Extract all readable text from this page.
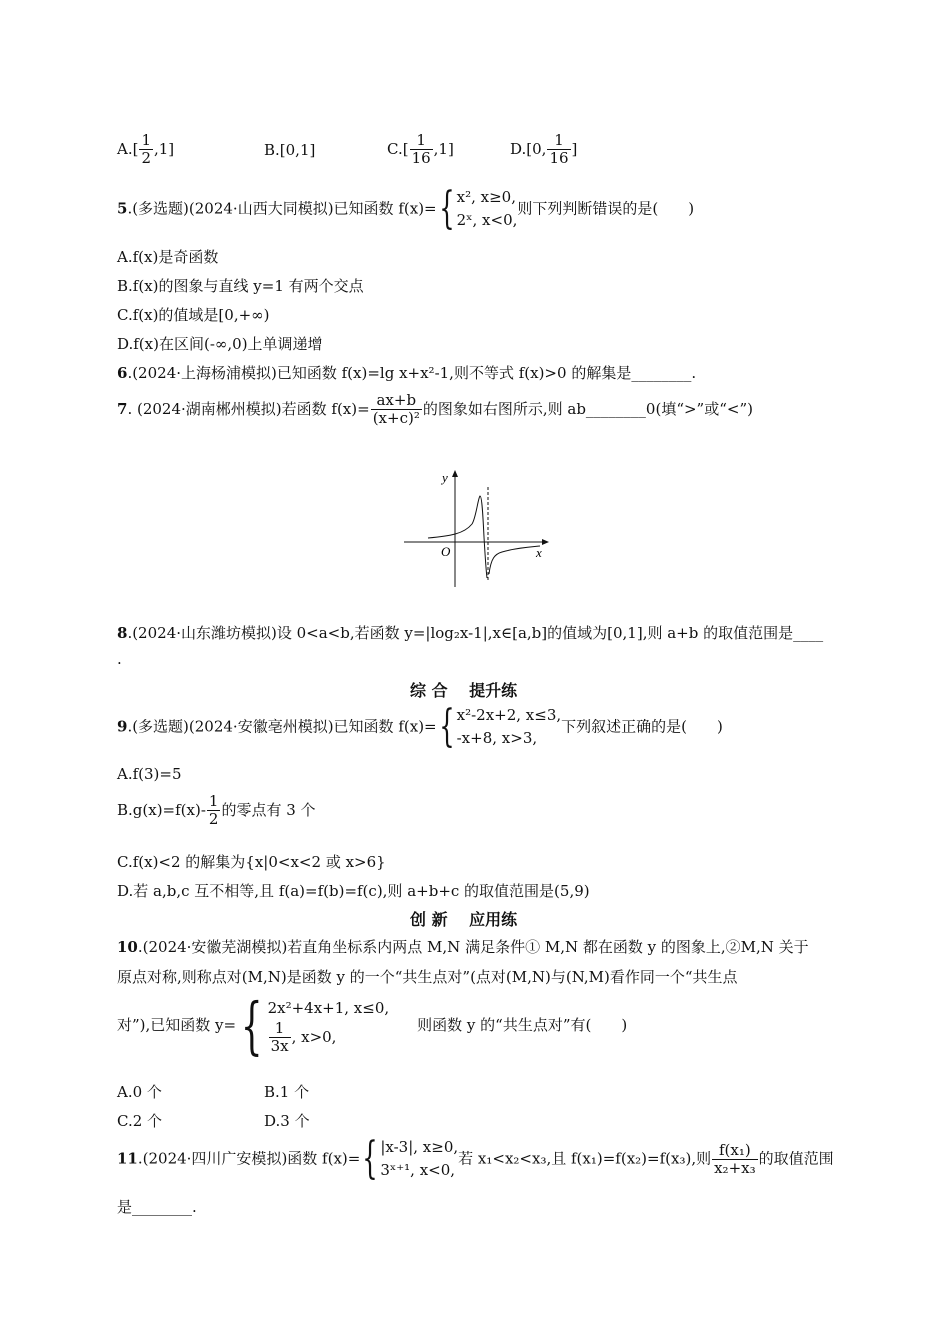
$A.[ \frac{1}{2} ,1]$	B.[0,1]	$C.[ \frac{1}{16} ,1]$	D.[0, $\frac{1}{16}$ ]
5.(多选题)(2024·山西大同模拟)已知函数 f(x)={ x², x≥0,
2ˣ, x<0,
则下列判断错误的是(　　)
A.f(x)是奇函数
B.f(x)的图象与直线 y=1 有两个交点
C.f(x)的值域是[0,+∞)
D.f(x)在区间(-∞,0)上单调递增
6.(2024·上海杨浦模拟)已知函数 f(x)=lg x+x²-1,则不等式 f(x)>0 的解集是________.
7. (2024·湖南郴州模拟)若函数 $f(x)= \frac{ax+b}{\text{(x+c)²}}$ 的图象如右图所示,则 ab________0(填“>”或“<”)
y
x
O
8.(2024·山东潍坊模拟)设 0<a<b,若函数 y=|log₂x-1|,x∈[a,b]的值域为[0,1],则 a+b 的取值范围是____
.
综 合　 提升练
9.(多选题)(2024·安徽亳州模拟)已知函数 f(x)={ x²-2x+2, x≤3,
-x+8, x>3,
下列叙述正确的是(　　)
A.f(3)=5
$B.g(x)=f(x)- \frac{1}{2}$ 的零点有 3 个
C.f(x)<2 的解集为{x|0<x<2 或 x>6}
D.若 a,b,c 互不相等,且 f(a)=f(b)=f(c),则 a+b+c 的取值范围是(5,9)
创 新　 应用练
10.(2024·安徽芜湖模拟)若直角坐标系内两点 M,N 满足条件① M,N 都在函数 y 的图象上,②M,N 关于
原点对称,则称点对(M,N)是函数 y 的一个“共生点对”(点对(M,N)与(N,M)看作同一个“共生点
对”),已知函数 y={ 2x²+4x+1, x≤0,
$\frac{1}{3x}$ , x>0,
则函数 y 的“共生点对”有(　　)
A.0 个	B.1 个
C.2 个	D.3 个
11.(2024·四川广安模拟)函数 f(x)={ |x-3|, x≥0,
3ˣ⁺¹, x<0,
若 x₁<x₂<x₃,且 f(x₁)=f(x₂)=f(x₃),则 $\frac{\text{f(x₁)}}{\text{x₂+x₃}}$ 的取值范围
是________.
